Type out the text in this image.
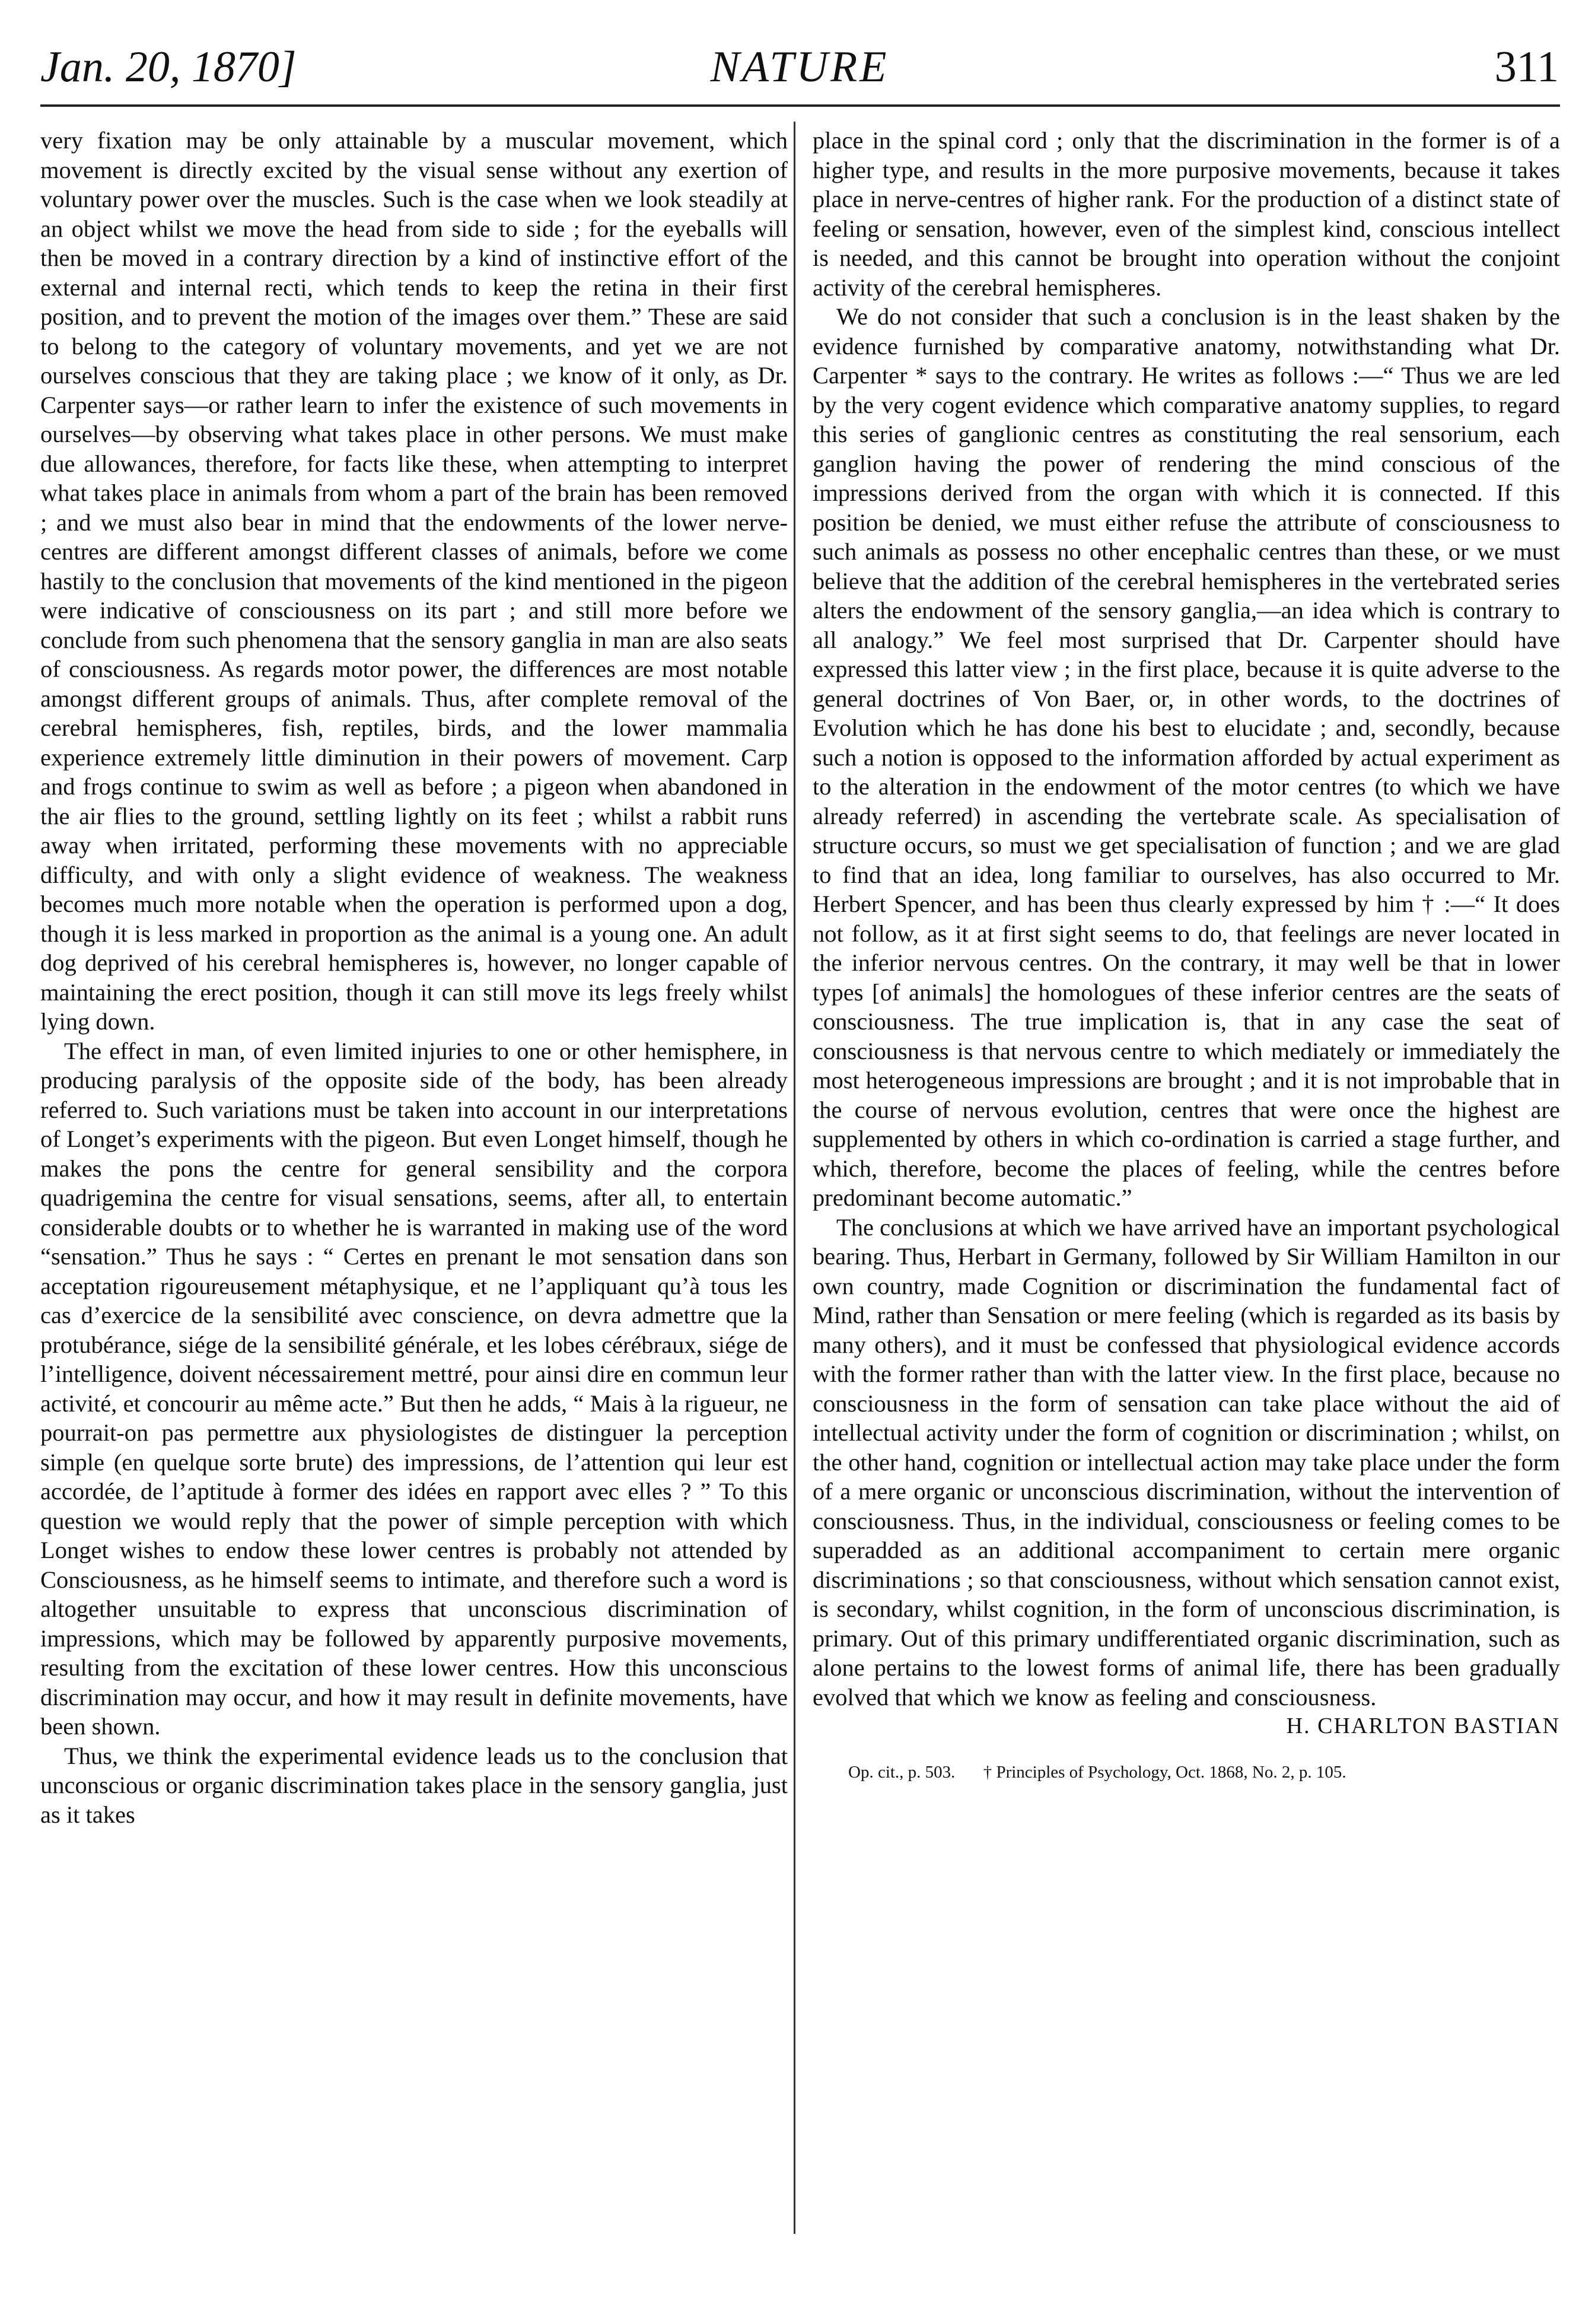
Jan. 20, 1870]	NATURE	311

very fixation may be only attainable by a muscular movement, which movement is directly excited by the visual sense without any exertion of voluntary power over the muscles. Such is the case when we look steadily at an object whilst we move the head from side to side ; for the eyeballs will then be moved in a contrary direction by a kind of instinctive effort of the external and internal recti, which tends to keep the retina in their first position, and to prevent the motion of the images over them.” These are said to belong to the category of voluntary movements, and yet we are not ourselves conscious that they are taking place ; we know of it only, as Dr. Carpenter says—or rather learn to infer the existence of such movements in ourselves—by observing what takes place in other persons. We must make due allowances, therefore, for facts like these, when attempting to interpret what takes place in animals from whom a part of the brain has been removed ; and we must also bear in mind that the endowments of the lower nerve-centres are different amongst different classes of animals, before we come hastily to the conclusion that movements of the kind mentioned in the pigeon were indicative of consciousness on its part ; and still more before we conclude from such phenomena that the sensory ganglia in man are also seats of consciousness. As regards motor power, the differences are most notable amongst different groups of animals. Thus, after complete removal of the cerebral hemispheres, fish, reptiles, birds, and the lower mammalia experience extremely little diminution in their powers of movement. Carp and frogs continue to swim as well as before ; a pigeon when abandoned in the air flies to the ground, settling lightly on its feet ; whilst a rabbit runs away when irritated, performing these movements with no appreciable difficulty, and with only a slight evidence of weakness. The weakness becomes much more notable when the operation is performed upon a dog, though it is less marked in proportion as the animal is a young one. An adult dog deprived of his cerebral hemispheres is, however, no longer capable of maintaining the erect position, though it can still move its legs freely whilst lying down.

The effect in man, of even limited injuries to one or other hemisphere, in producing paralysis of the opposite side of the body, has been already referred to. Such variations must be taken into account in our interpretations of Longet’s experiments with the pigeon. But even Longet himself, though he makes the pons the centre for general sensibility and the corpora quadrigemina the centre for visual sensations, seems, after all, to entertain considerable doubts or to whether he is warranted in making use of the word “sensation.” Thus he says : “ Certes en prenant le mot sensation dans son acceptation rigoureusement métaphysique, et ne l’appliquant qu’à tous les cas d’exercice de la sensibilité avec conscience, on devra admettre que la protubérance, siége de la sensibilité générale, et les lobes cérébraux, siége de l’intelligence, doivent nécessairement mettré, pour ainsi dire en commun leur activité, et concourir au même acte.” But then he adds, “ Mais à la rigueur, ne pourrait-on pas permettre aux physiologistes de distinguer la perception simple (en quelque sorte brute) des impressions, de l’attention qui leur est accordée, de l’aptitude à former des idées en rapport avec elles ? ” To this question we would reply that the power of simple perception with which Longet wishes to endow these lower centres is probably not attended by Consciousness, as he himself seems to intimate, and therefore such a word is altogether unsuitable to express that unconscious discrimination of impressions, which may be followed by apparently purposive movements, resulting from the excitation of these lower centres. How this unconscious discrimination may occur, and how it may result in definite movements, have been shown.

Thus, we think the experimental evidence leads us to the conclusion that unconscious or organic discrimination takes place in the sensory ganglia, just as it takes

place in the spinal cord ; only that the discrimination in the former is of a higher type, and results in the more purposive movements, because it takes place in nerve-centres of higher rank. For the production of a distinct state of feeling or sensation, however, even of the simplest kind, conscious intellect is needed, and this cannot be brought into operation without the conjoint activity of the cerebral hemispheres.

We do not consider that such a conclusion is in the least shaken by the evidence furnished by comparative anatomy, notwithstanding what Dr. Carpenter * says to the contrary. He writes as follows :—“ Thus we are led by the very cogent evidence which comparative anatomy supplies, to regard this series of ganglionic centres as constituting the real sensorium, each ganglion having the power of rendering the mind conscious of the impressions derived from the organ with which it is connected. If this position be denied, we must either refuse the attribute of consciousness to such animals as possess no other encephalic centres than these, or we must believe that the addition of the cerebral hemispheres in the vertebrated series alters the endowment of the sensory ganglia,—an idea which is contrary to all analogy.” We feel most surprised that Dr. Carpenter should have expressed this latter view ; in the first place, because it is quite adverse to the general doctrines of Von Baer, or, in other words, to the doctrines of Evolution which he has done his best to elucidate ; and, secondly, because such a notion is opposed to the information afforded by actual experiment as to the alteration in the endowment of the motor centres (to which we have already referred) in ascending the vertebrate scale. As specialisation of structure occurs, so must we get specialisation of function ; and we are glad to find that an idea, long familiar to ourselves, has also occurred to Mr. Herbert Spencer, and has been thus clearly expressed by him † :—“ It does not follow, as it at first sight seems to do, that feelings are never located in the inferior nervous centres. On the contrary, it may well be that in lower types [of animals] the homologues of these inferior centres are the seats of consciousness. The true implication is, that in any case the seat of consciousness is that nervous centre to which mediately or immediately the most heterogeneous impressions are brought ; and it is not improbable that in the course of nervous evolution, centres that were once the highest are supplemented by others in which co-ordination is carried a stage further, and which, therefore, become the places of feeling, while the centres before predominant become automatic.”

The conclusions at which we have arrived have an important psychological bearing. Thus, Herbart in Germany, followed by Sir William Hamilton in our own country, made Cognition or discrimination the fundamental fact of Mind, rather than Sensation or mere feeling (which is regarded as its basis by many others), and it must be confessed that physiological evidence accords with the former rather than with the latter view. In the first place, because no consciousness in the form of sensation can take place without the aid of intellectual activity under the form of cognition or discrimination ; whilst, on the other hand, cognition or intellectual action may take place under the form of a mere organic or unconscious discrimination, without the intervention of consciousness. Thus, in the individual, consciousness or feeling comes to be superadded as an additional accompaniment to certain mere organic discriminations ; so that consciousness, without which sensation cannot exist, is secondary, whilst cognition, in the form of unconscious discrimination, is primary. Out of this primary undifferentiated organic discrimination, such as alone pertains to the lowest forms of animal life, there has been gradually evolved that which we know as feeling and consciousness.

H. CHARLTON BASTIAN

Op. cit., p. 503. † Principles of Psychology, Oct. 1868, No. 2, p. 105.
